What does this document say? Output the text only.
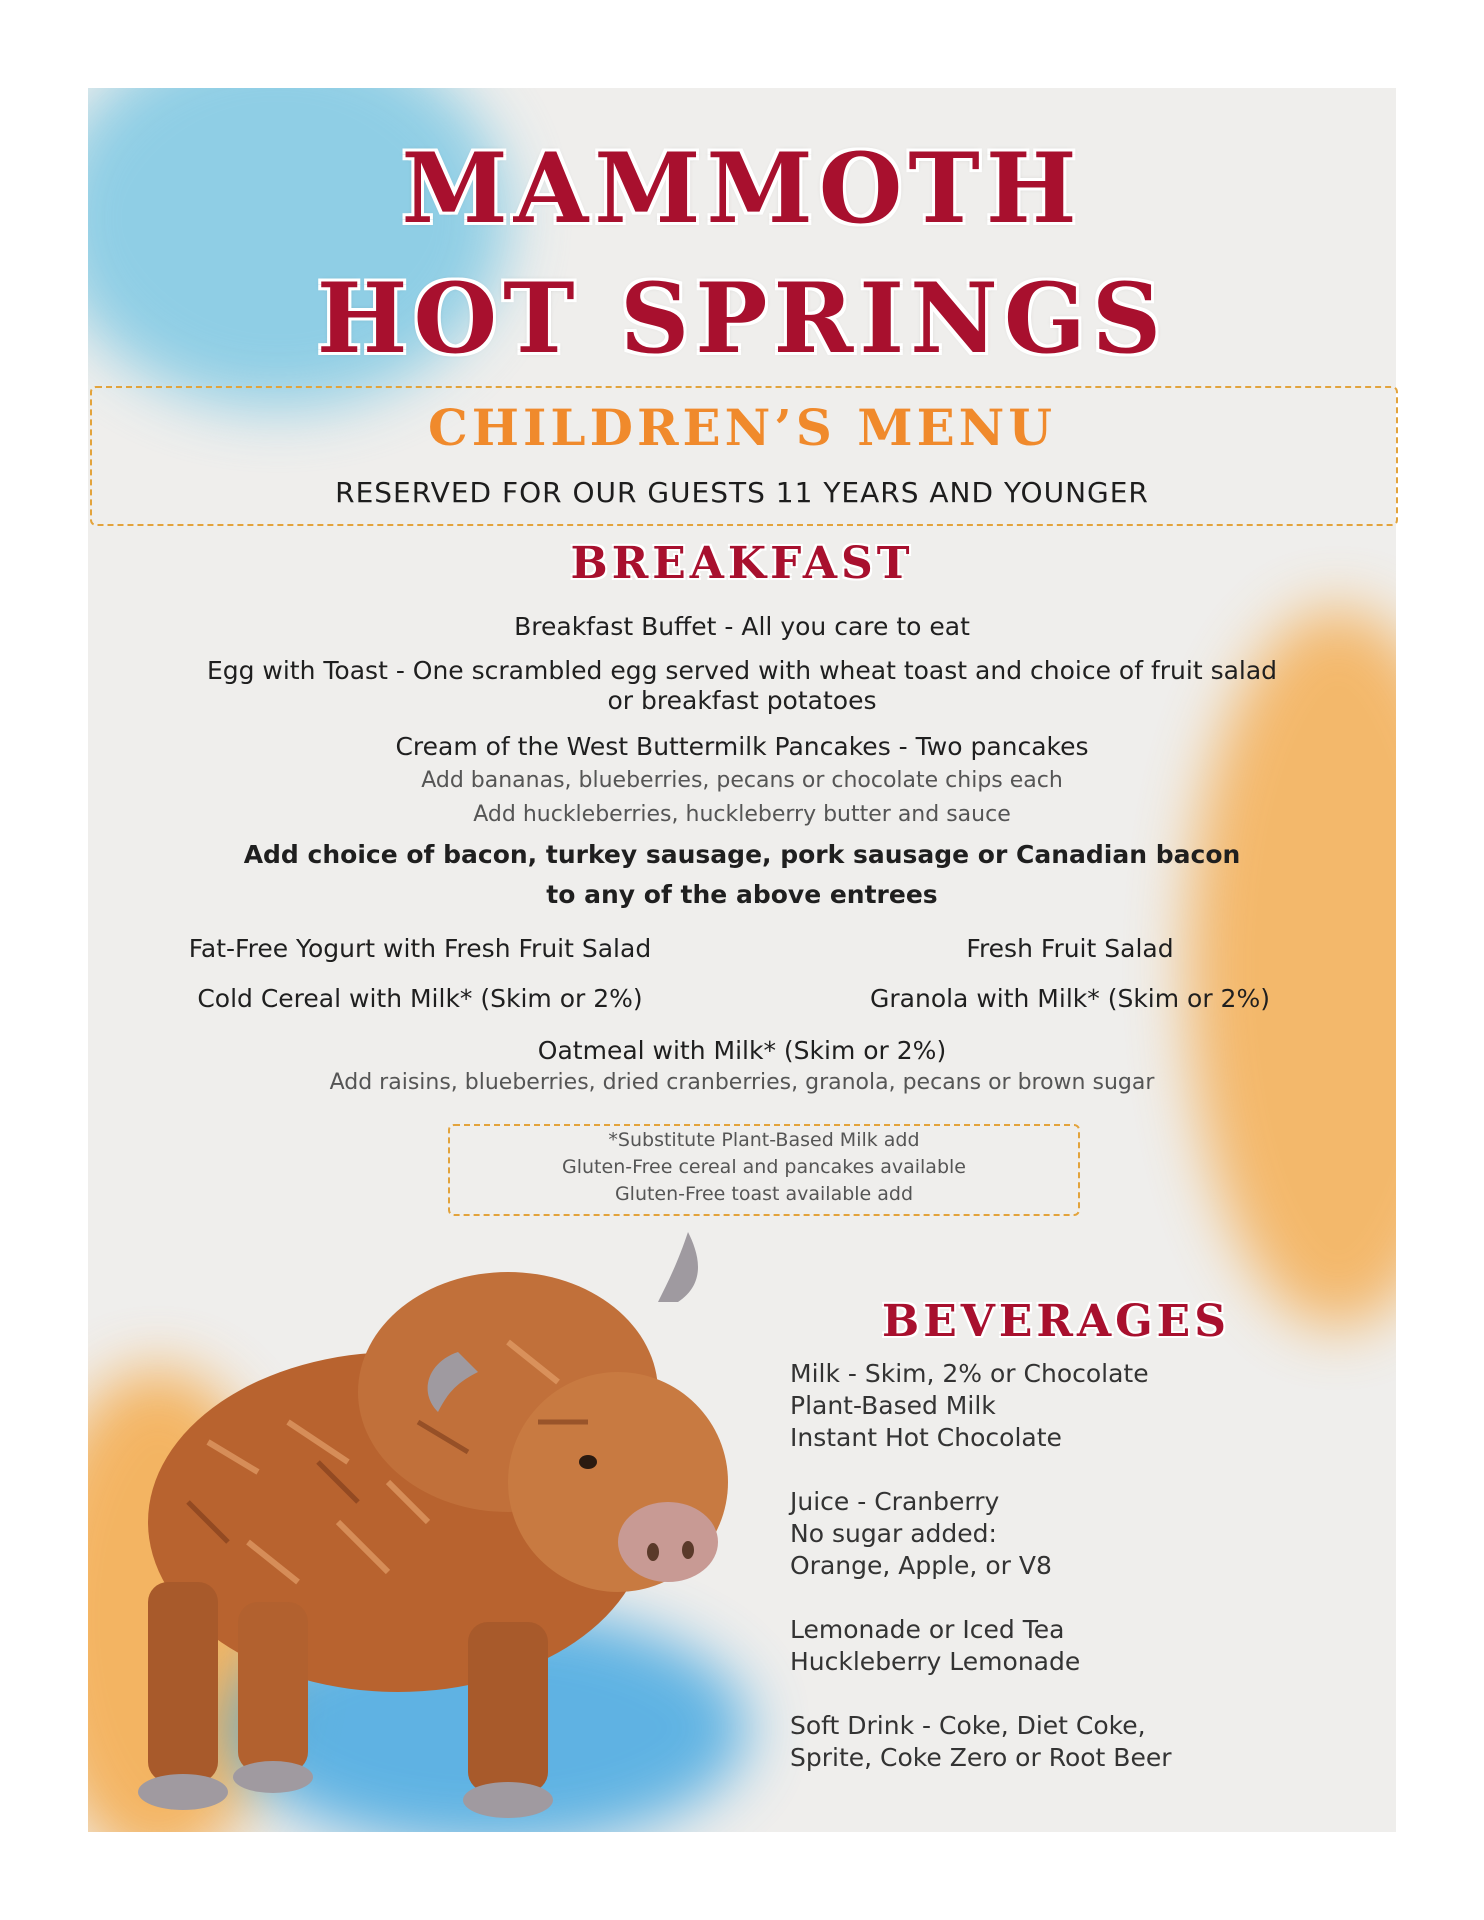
MAMMOTH
HOT SPRINGS
CHILDREN’S MENU
RESERVED FOR OUR GUESTS 11 YEARS AND YOUNGER
BREAKFAST
Breakfast Buffet - All you care to eat
Egg with Toast - One scrambled egg served with wheat toast and choice of fruit salad
or breakfast potatoes
Cream of the West Buttermilk Pancakes - Two pancakes
Add bananas, blueberries, pecans or chocolate chips each
Add huckleberries, huckleberry butter and sauce
Add choice of bacon, turkey sausage, pork sausage or Canadian bacon
to any of the above entrees
Fat-Free Yogurt with Fresh Fruit Salad	Fresh Fruit Salad
Cold Cereal with Milk* (Skim or 2%)	Granola with Milk* (Skim or 2%)
Oatmeal with Milk* (Skim or 2%)
Add raisins, blueberries, dried cranberries, granola, pecans or brown sugar
*Substitute Plant-Based Milk add
Gluten-Free cereal and pancakes available
Gluten-Free toast available add
BEVERAGES
Milk - Skim, 2% or Chocolate
Plant-Based Milk
Instant Hot Chocolate
Juice - Cranberry
No sugar added:
Orange, Apple, or V8
Lemonade or Iced Tea
Huckleberry Lemonade
Soft Drink - Coke, Diet Coke,
Sprite, Coke Zero or Root Beer
